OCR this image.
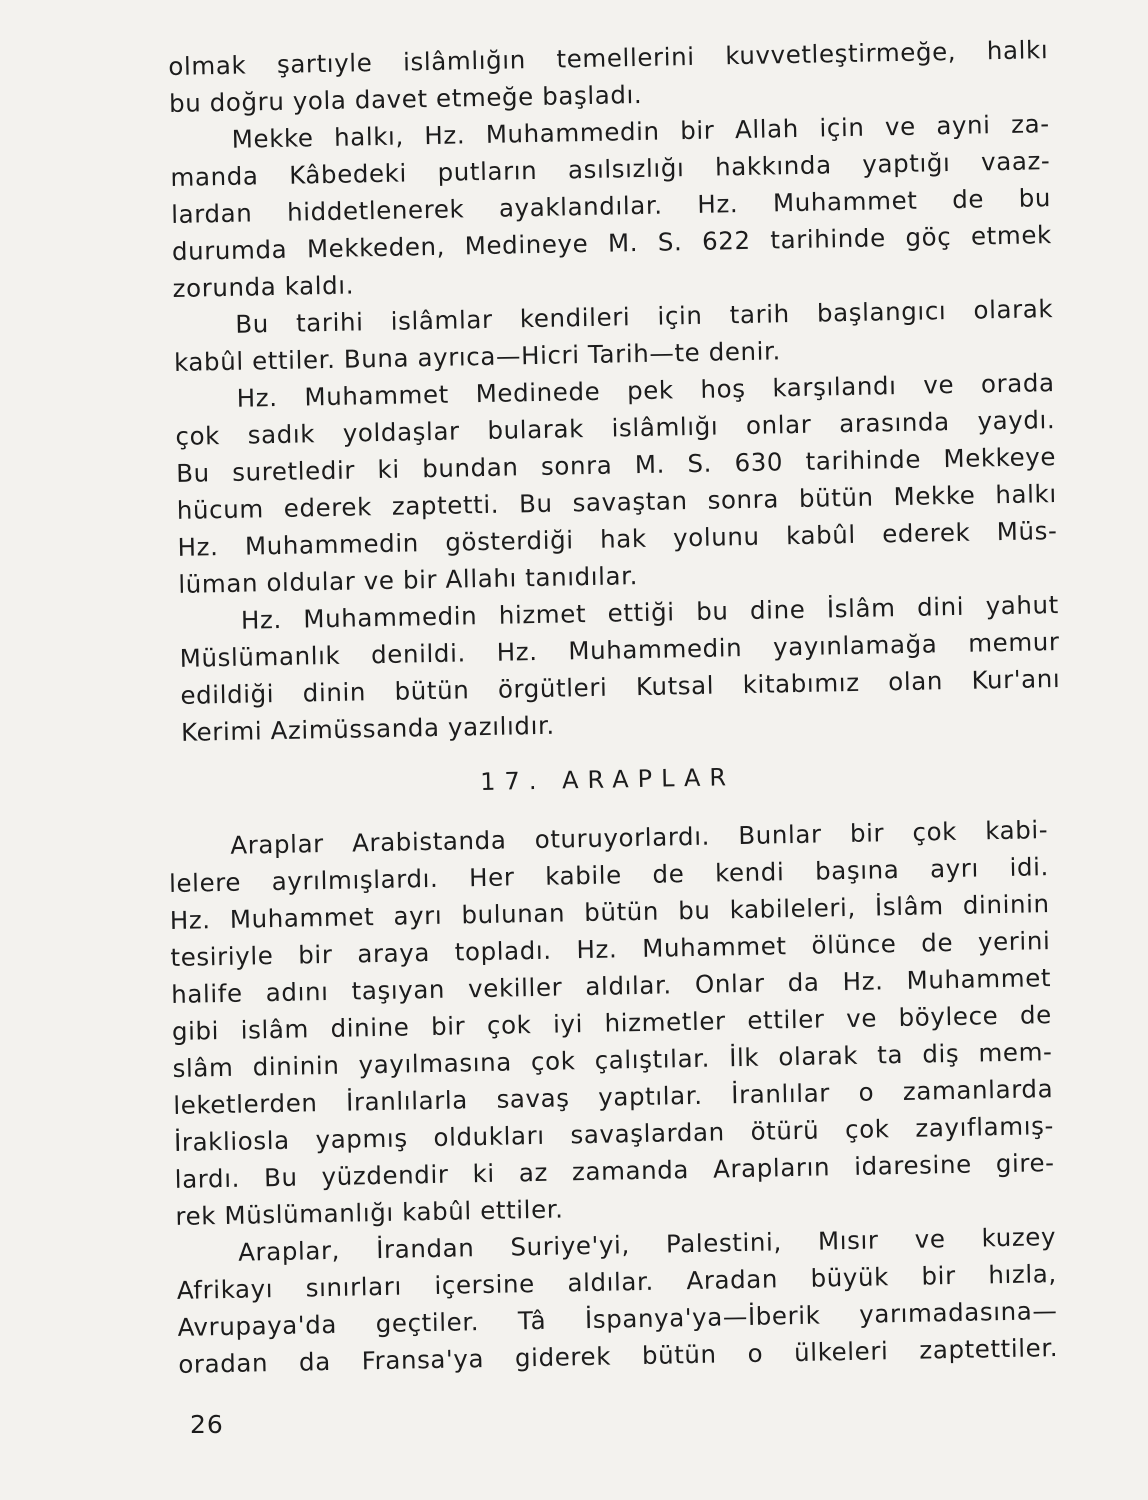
olmak şartıyle islâmlığın temellerini kuvvetleştirmeğe, halkı
bu doğru yola davet etmeğe başladı.
Mekke halkı, Hz. Muhammedin bir Allah için ve ayni za-
manda Kâbedeki putların asılsızlığı hakkında yaptığı vaaz-
lardan hiddetlenerek ayaklandılar. Hz. Muhammet de bu
durumda Mekkeden, Medineye M. S. 622 tarihinde göç etmek
zorunda kaldı.
Bu tarihi islâmlar kendileri için tarih başlangıcı olarak
kabûl ettiler. Buna ayrıca—Hicri Tarih—te denir.
Hz. Muhammet Medinede pek hoş karşılandı ve orada
çok sadık yoldaşlar bularak islâmlığı onlar arasında yaydı.
Bu suretledir ki bundan sonra M. S. 630 tarihinde Mekkeye
hücum ederek zaptetti. Bu savaştan sonra bütün Mekke halkı
Hz. Muhammedin gösterdiği hak yolunu kabûl ederek Müs-
lüman oldular ve bir Allahı tanıdılar.
Hz. Muhammedin hizmet ettiği bu dine İslâm dini yahut
Müslümanlık denildi. Hz. Muhammedin yayınlamağa memur
edildiği dinin bütün örgütleri Kutsal kitabımız olan Kur'anı
Kerimi Azimüssanda yazılıdır.
17. ARAPLAR
Araplar Arabistanda oturuyorlardı. Bunlar bir çok kabi-
lelere ayrılmışlardı. Her kabile de kendi başına ayrı idi.
Hz. Muhammet ayrı bulunan bütün bu kabileleri, İslâm dininin
tesiriyle bir araya topladı. Hz. Muhammet ölünce de yerini
halife adını taşıyan vekiller aldılar. Onlar da Hz. Muhammet
gibi islâm dinine bir çok iyi hizmetler ettiler ve böylece de
slâm dininin yayılmasına çok çalıştılar. İlk olarak ta diş mem-
leketlerden İranlılarla savaş yaptılar. İranlılar o zamanlarda
İrakliosla yapmış oldukları savaşlardan ötürü çok zayıflamış-
lardı. Bu yüzdendir ki az zamanda Arapların idaresine gire-
rek Müslümanlığı kabûl ettiler.
Araplar, İrandan Suriye'yi, Palestini, Mısır ve kuzey
Afrikayı sınırları içersine aldılar. Aradan büyük bir hızla,
Avrupaya'da geçtiler. Tâ İspanya'ya—İberik yarımadasına—
oradan da Fransa'ya giderek bütün o ülkeleri zaptettiler.
26
